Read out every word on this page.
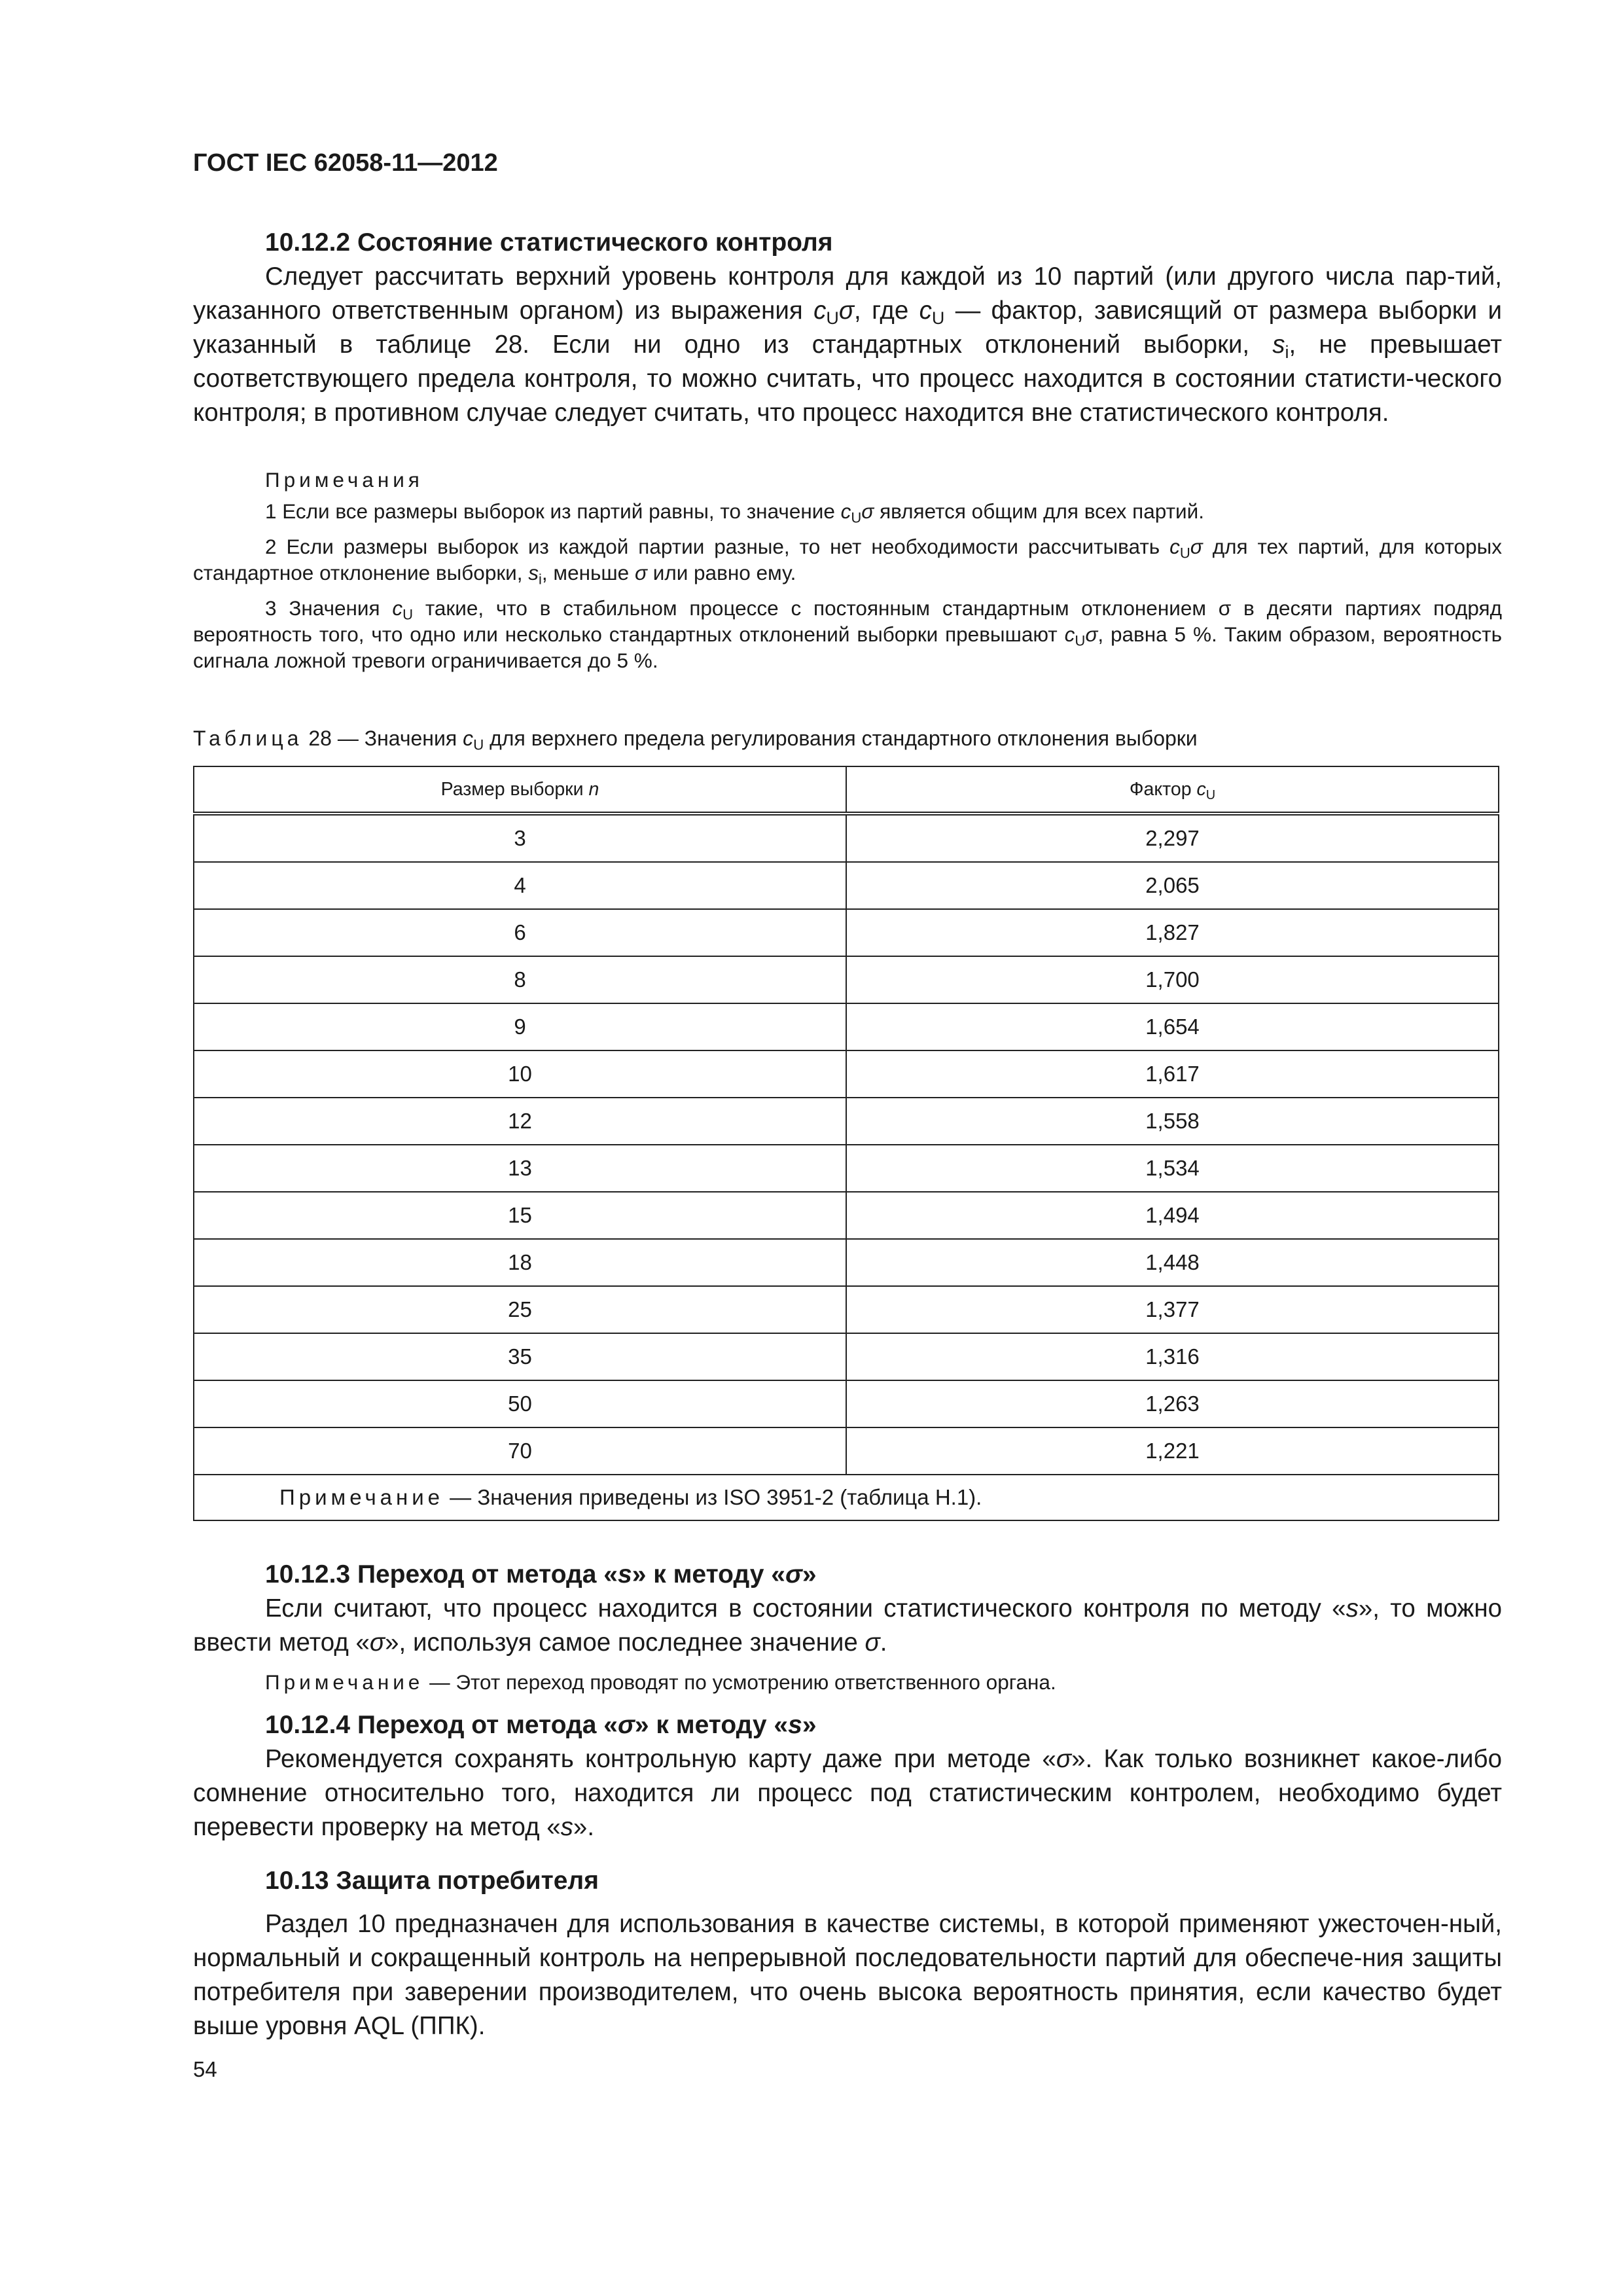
ГОСТ IEC 62058-11—2012

10.12.2 Состояние статистического контроля

Следует рассчитать верхний уровень контроля для каждой из 10 партий (или другого числа пар-тий, указанного ответственным органом) из выражения $c_U\sigma$, где $c_U$ — фактор, зависящий от размера выборки и указанный в таблице 28. Если ни одно из стандартных отклонений выборки, $s_i$, не превышает соответствующего предела контроля, то можно считать, что процесс находится в состоянии статисти-ческого контроля; в противном случае следует считать, что процесс находится вне статистического контроля.

Примечания

1 Если все размеры выборок из партий равны, то значение $c_U\sigma$ является общим для всех партий.

2 Если размеры выборок из каждой партии разные, то нет необходимости рассчитывать $c_U\sigma$ для тех партий, для которых стандартное отклонение выборки, $s_i$, меньше σ или равно ему.

3 Значения $c_U$ такие, что в стабильном процессе с постоянным стандартным отклонением σ в десяти партиях подряд вероятность того, что одно или несколько стандартных отклонений выборки превышают $c_U\sigma$, равна 5 %. Таким образом, вероятность сигнала ложной тревоги ограничивается до 5 %.

Таблица 28 — Значения $c_U$ для верхнего предела регулирования стандартного отклонения выборки
Размер выборки n	Фактор $c_U$
3	2,297
4	2,065
6	1,827
8	1,700
9	1,654
10	1,617
12	1,558
13	1,534
15	1,494
18	1,448
25	1,377
35	1,316
50	1,263
70	1,221
Примечание — Значения приведены из ISO 3951-2 (таблица H.1).	

10.12.3 Переход от метода «s» к методу «σ»

Если считают, что процесс находится в состоянии статистического контроля по методу «s», то можно ввести метод «σ», используя самое последнее значение σ.

Примечание — Этот переход проводят по усмотрению ответственного органа.

10.12.4 Переход от метода «σ» к методу «s»

Рекомендуется сохранять контрольную карту даже при методе «σ». Как только возникнет какое-либо сомнение относительно того, находится ли процесс под статистическим контролем, необходимо будет перевести проверку на метод «s».

10.13 Защита потребителя

Раздел 10 предназначен для использования в качестве системы, в которой применяют ужесточен-ный, нормальный и сокращенный контроль на непрерывной последовательности партий для обеспече-ния защиты потребителя при заверении производителем, что очень высока вероятность принятия, если качество будет выше уровня AQL (ППК).

54
